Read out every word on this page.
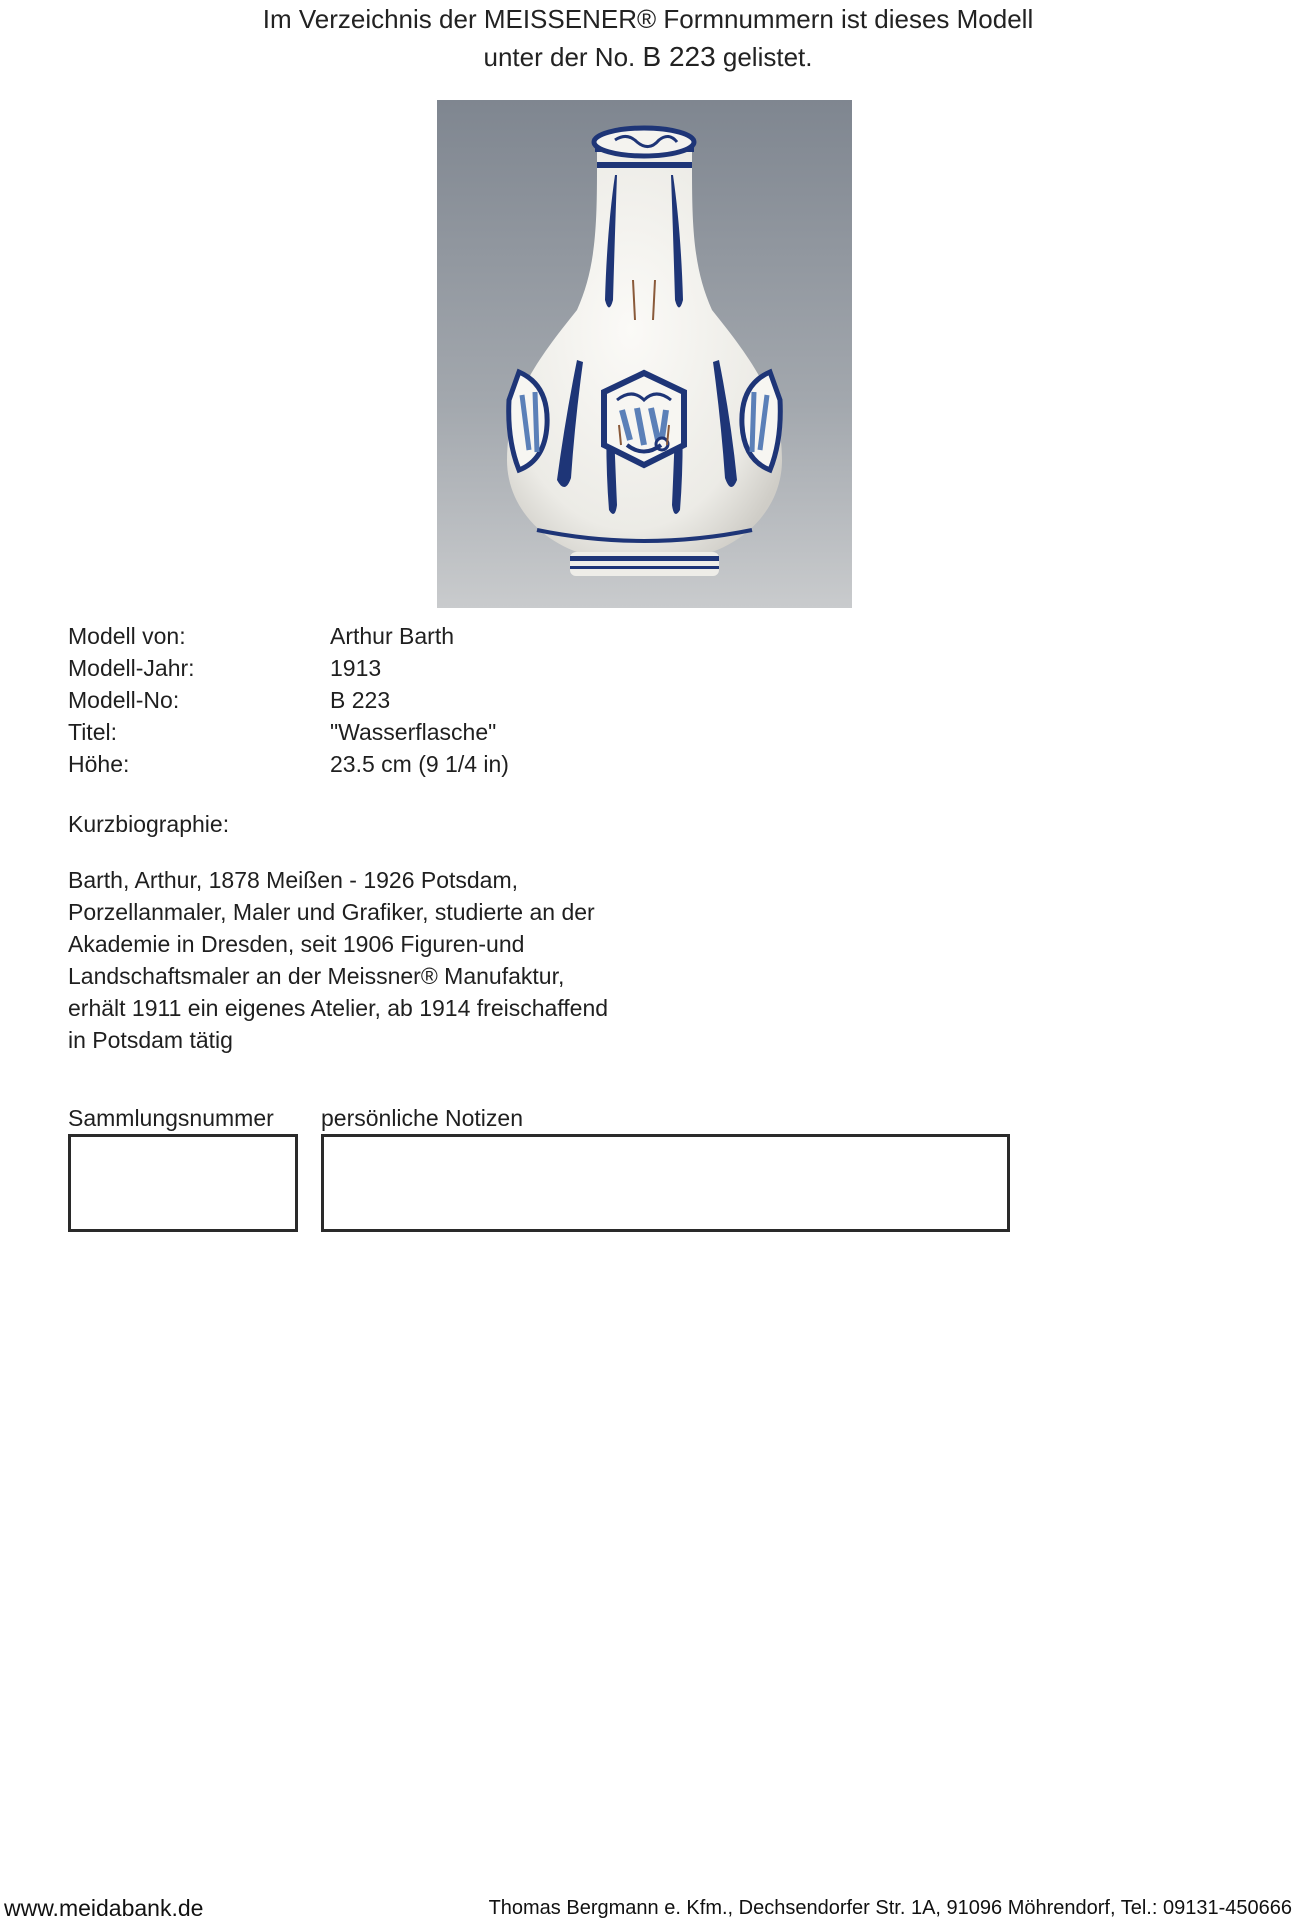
Im Verzeichnis der MEISSENER® Formnummern ist dieses Modell
unter der No. B 223 gelistet.
Modell von:	Arthur Barth
Modell-Jahr:	1913
Modell-No:	B 223
Titel:	"Wasserflasche"
Höhe:	23.5 cm (9 1/4 in)
Kurzbiographie:
Barth, Arthur, 1878 Meißen - 1926 Potsdam,
Porzellanmaler, Maler und Grafiker, studierte an der
Akademie in Dresden, seit 1906 Figuren-und
Landschaftsmaler an der Meissner® Manufaktur,
erhält 1911 ein eigenes Atelier, ab 1914 freischaffend
in Potsdam tätig
Sammlungsnummer persönliche Notizen
www.meidabank.de	Thomas Bergmann e. Kfm., Dechsendorfer Str. 1A, 91096 Möhrendorf, Tel.: 09131-450666
